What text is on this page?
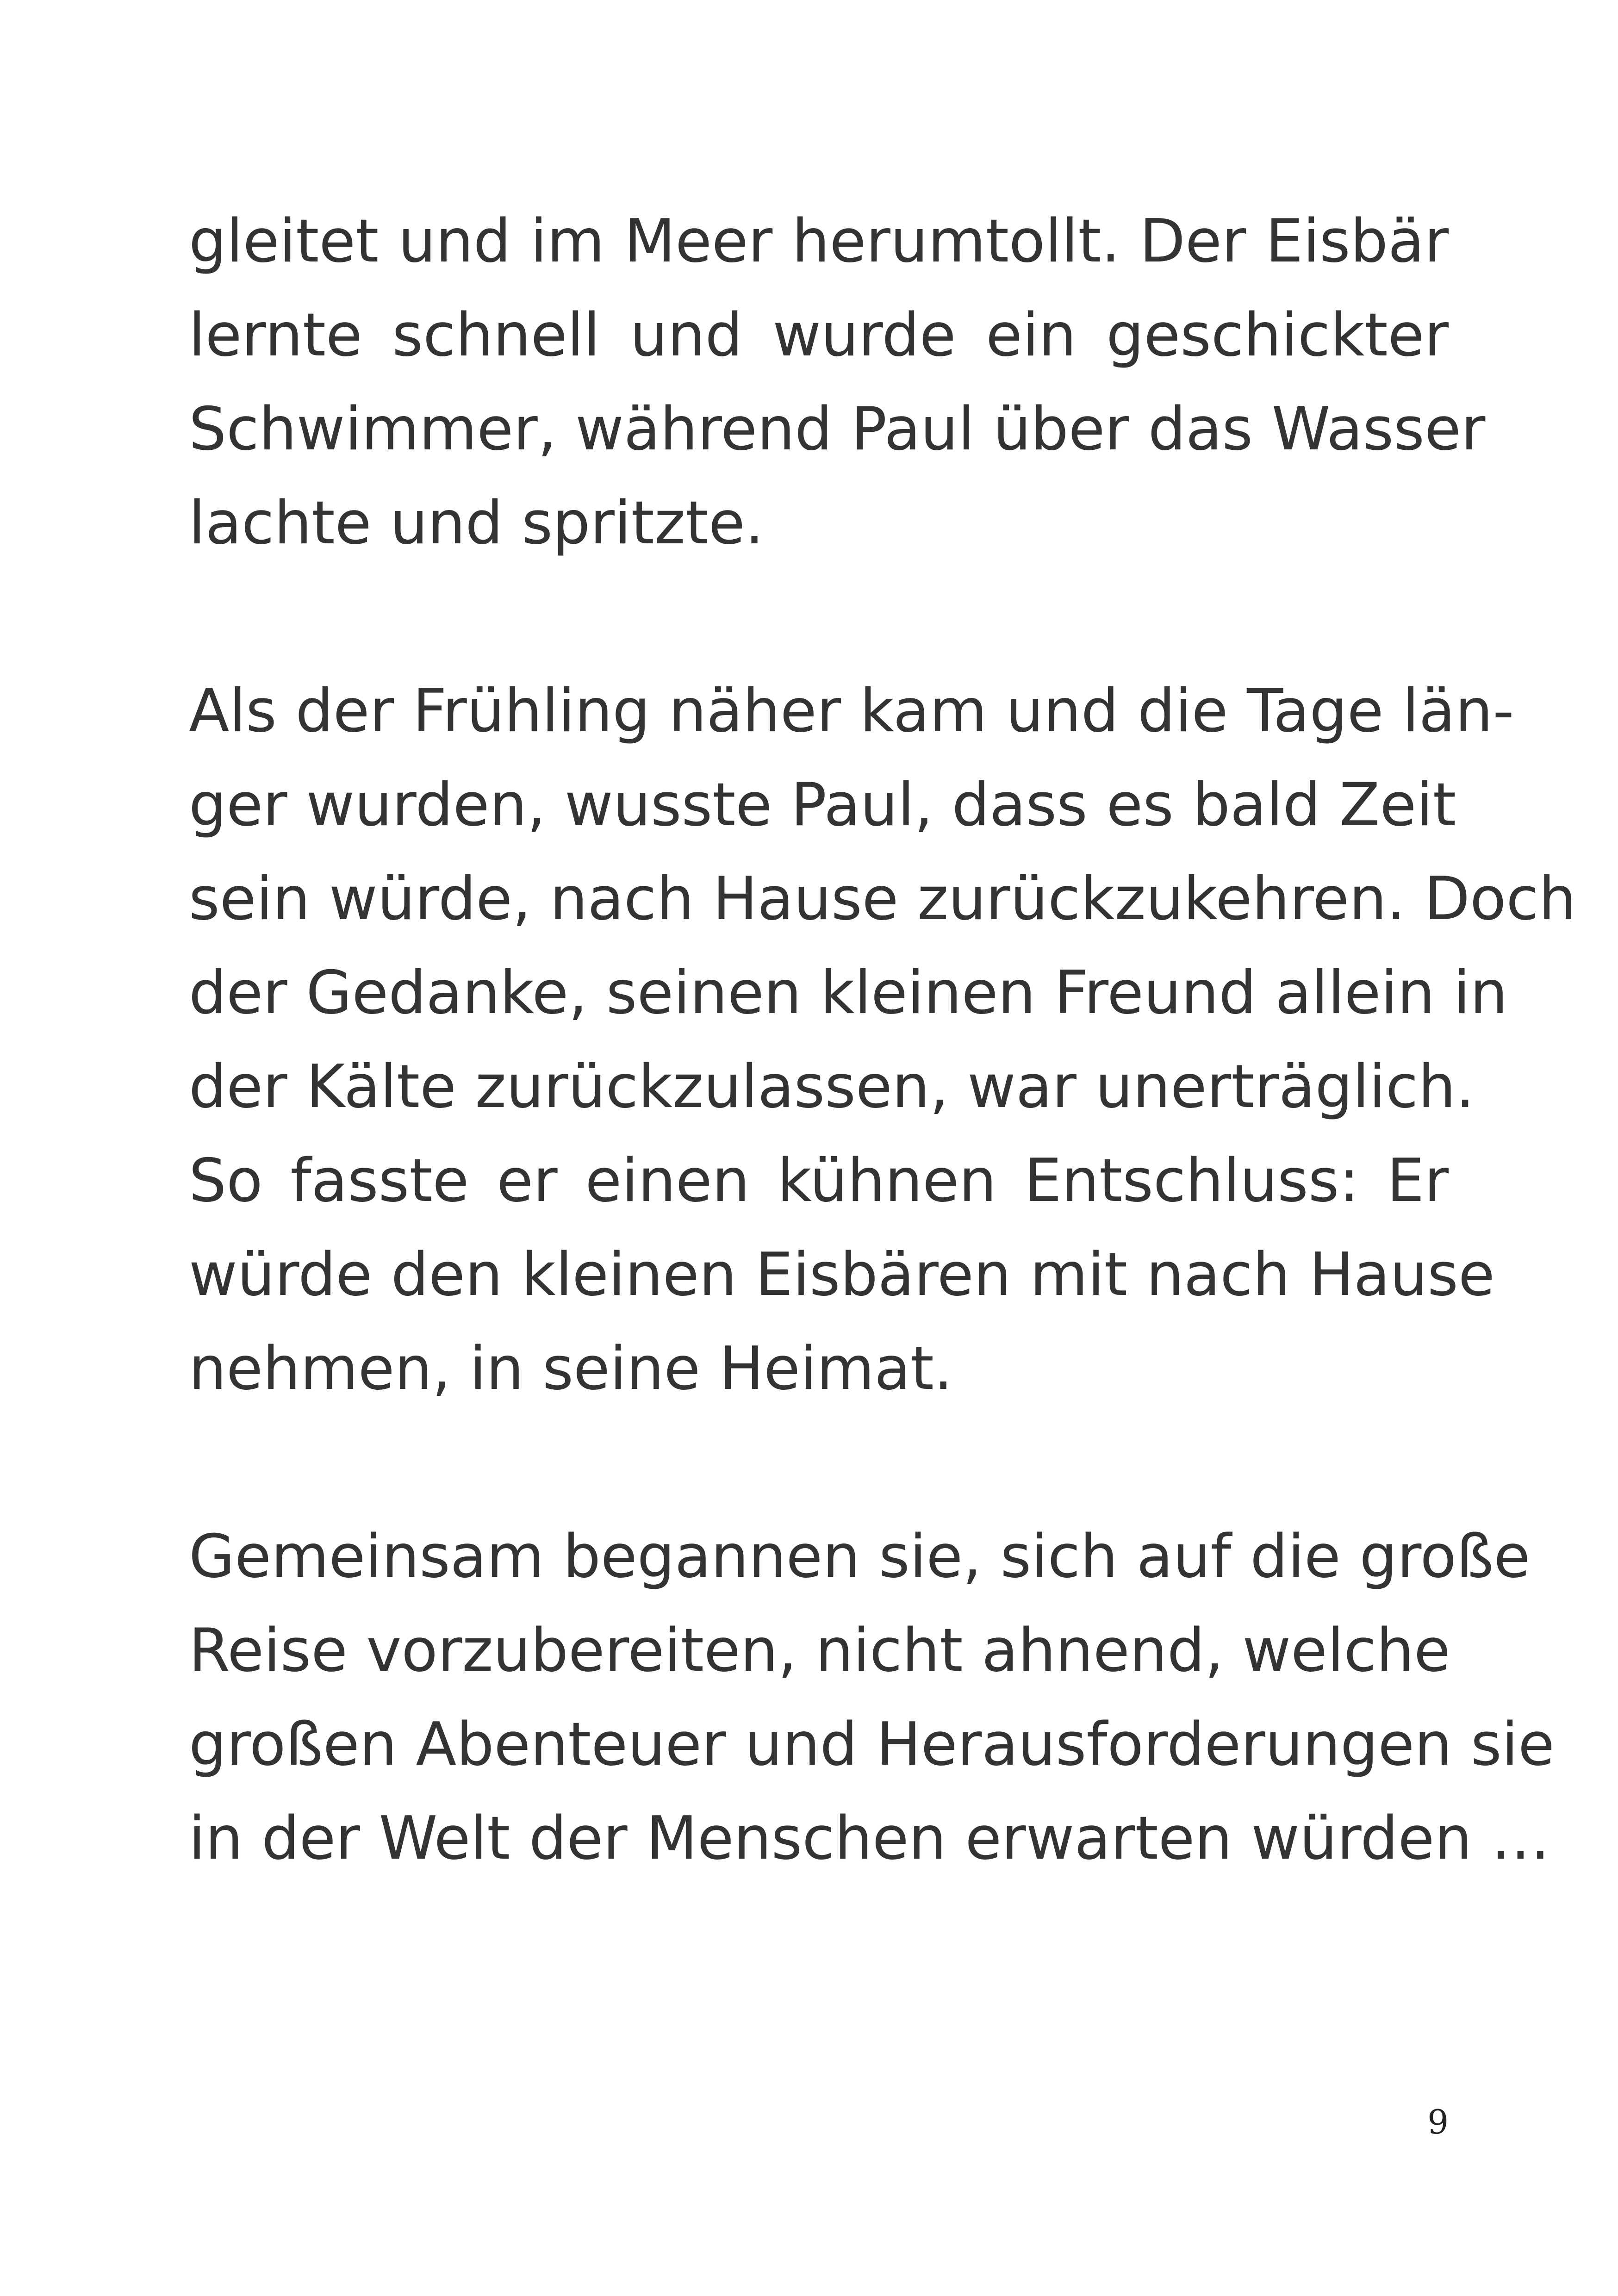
gleitet und im Meer herumtollt. Der Eisbär
lernte schnell und wurde ein geschickter
Schwimmer, während Paul über das Wasser
lachte und spritzte.

Als der Frühling näher kam und die Tage län-
ger wurden, wusste Paul, dass es bald Zeit
sein würde, nach Hause zurückzukehren. Doch
der Gedanke, seinen kleinen Freund allein in
der Kälte zurückzulassen, war unerträglich.
So fasste er einen kühnen Entschluss: Er
würde den kleinen Eisbären mit nach Hause
nehmen, in seine Heimat.

Gemeinsam begannen sie, sich auf die große
Reise vorzubereiten, nicht ahnend, welche
großen Abenteuer und Herausforderungen sie
in der Welt der Menschen erwarten würden …

9
